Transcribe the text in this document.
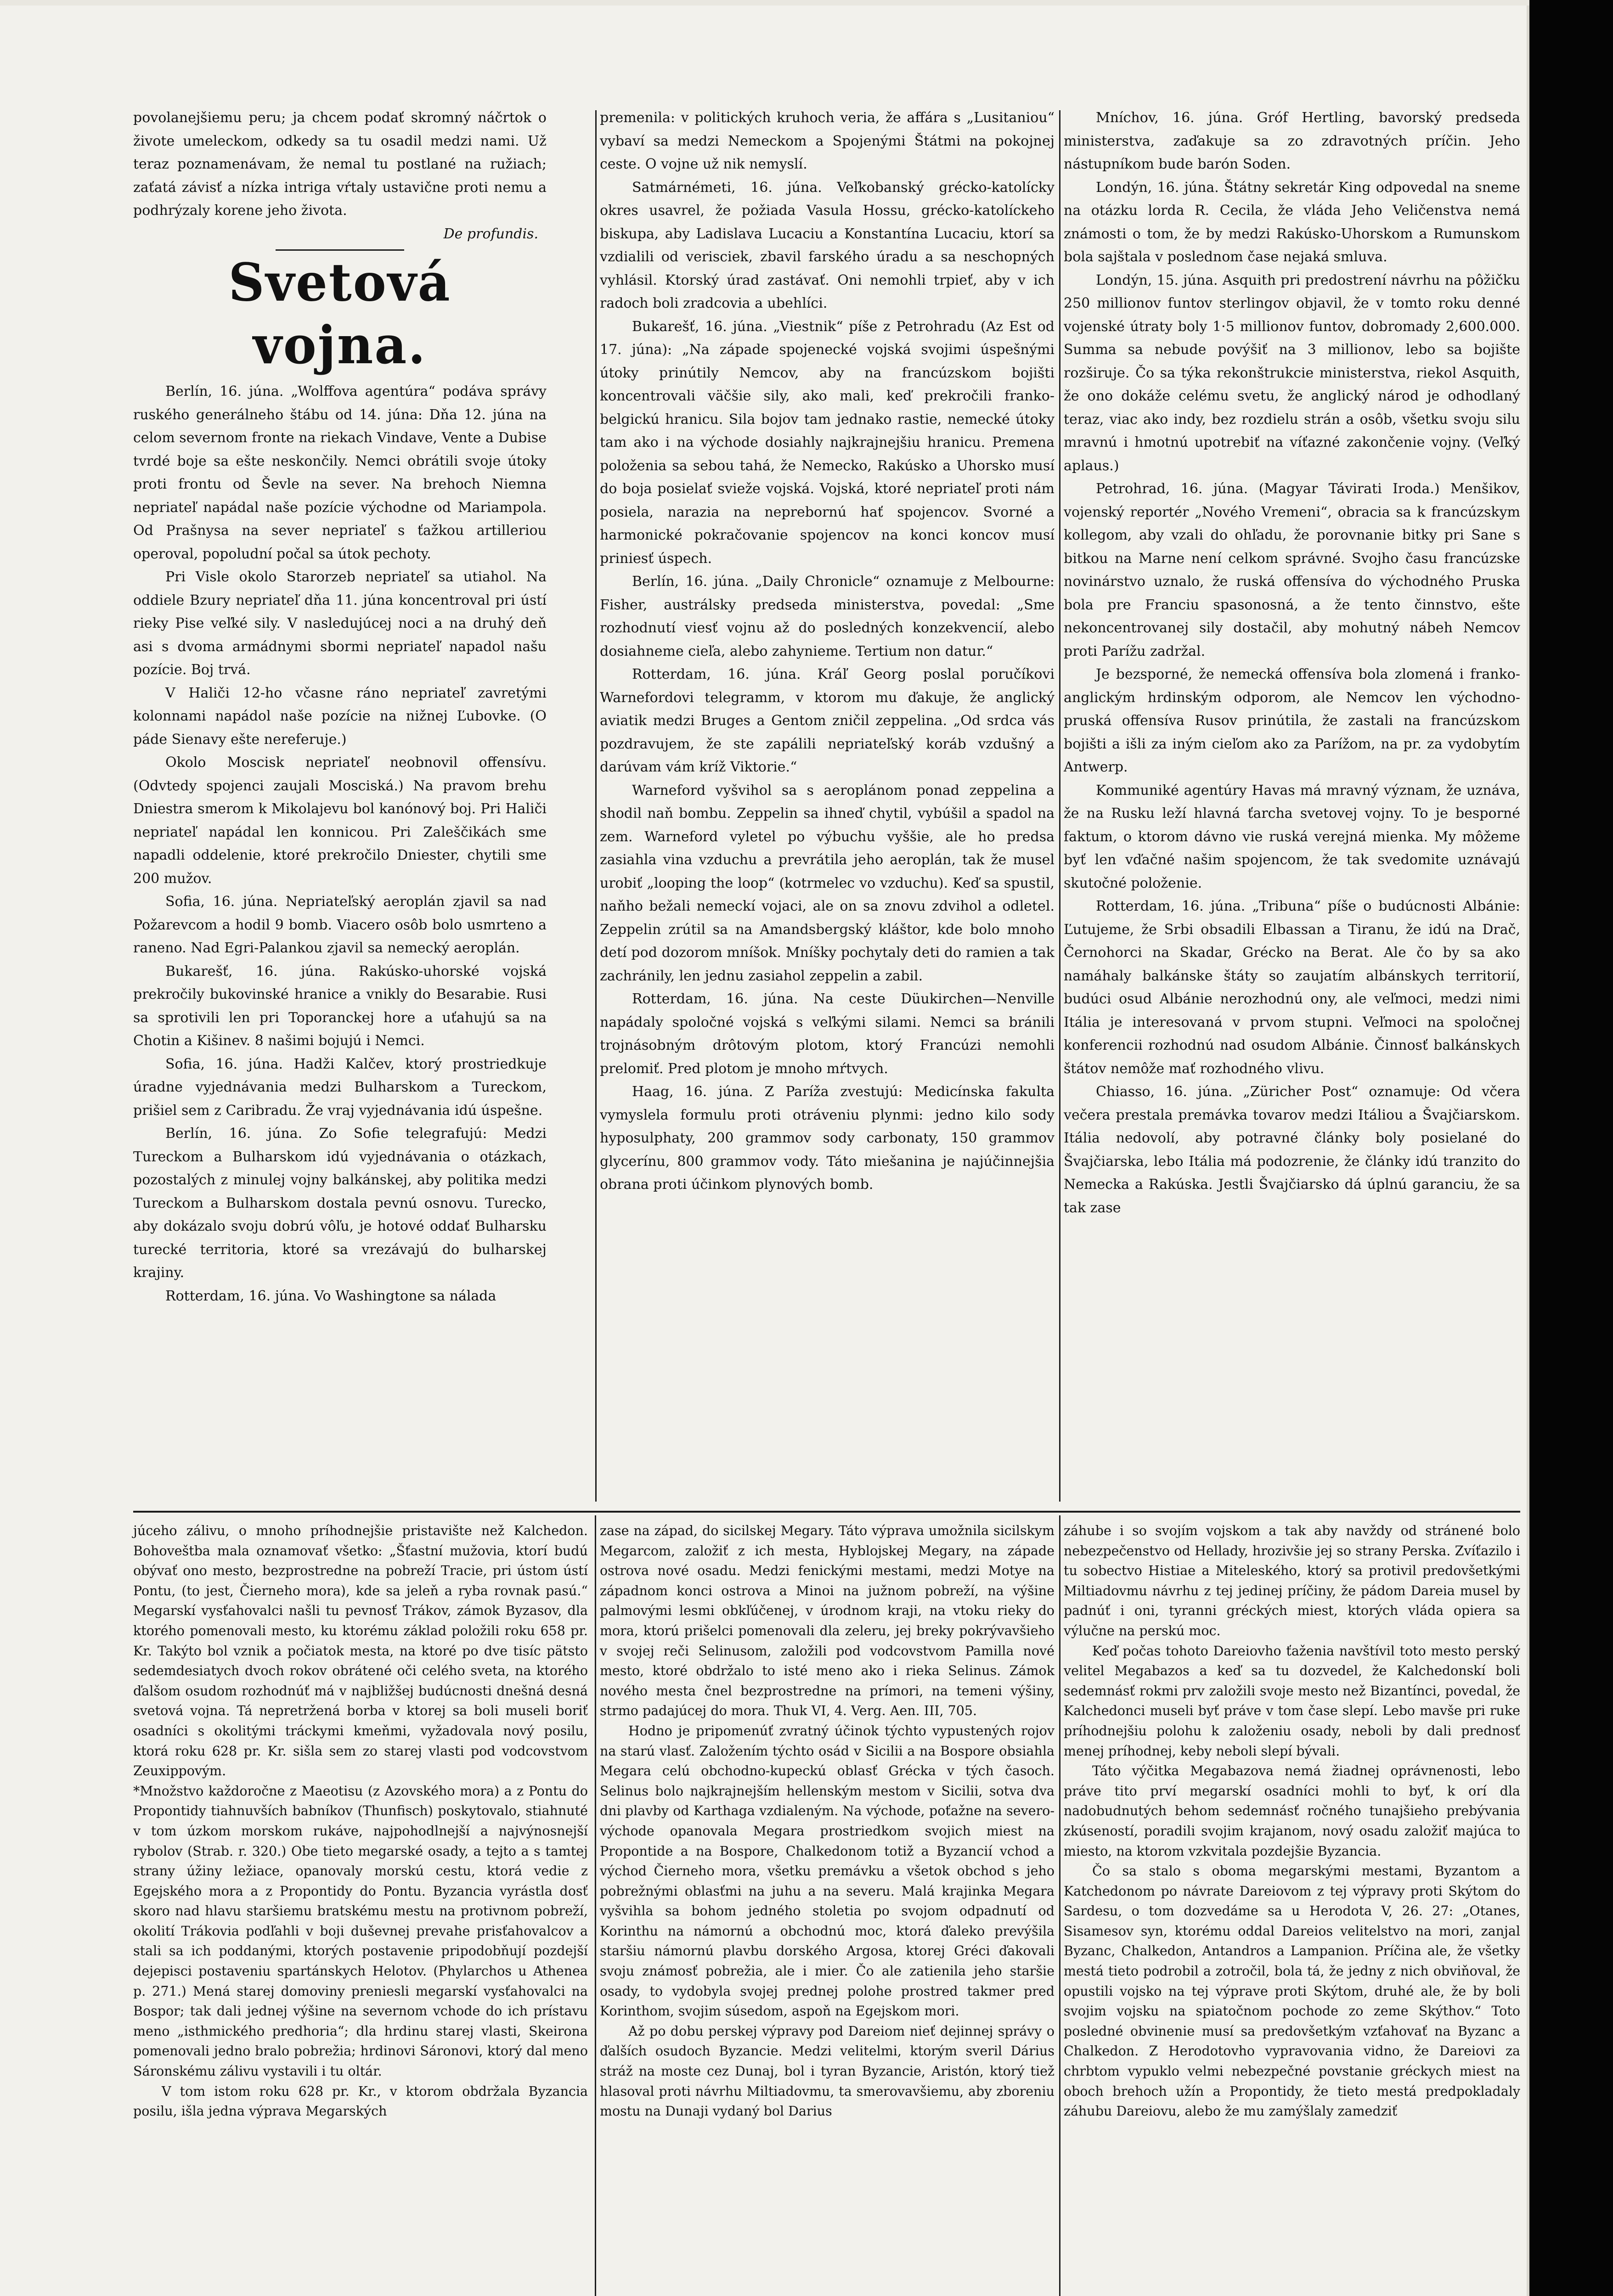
povolanejšiemu peru; ja chcem podať skromný náčrtok o živote umeleckom, odkedy sa tu osadil medzi nami. Už teraz poznamenávam, že nemal tu postlané na ružiach; zaťatá závisť a nízka intriga vŕtaly ustavične proti nemu a podhrýzaly korene jeho života.

De profundis.

Svetová vojna.

Berlín, 16. júna. „Wolffova agentúra“ podáva správy ruského generálneho štábu od 14. júna: Dňa 12. júna na celom severnom fronte na riekach Vindave, Vente a Dubise tvrdé boje sa ešte neskončily. Nemci obrátili svoje útoky proti frontu od Ševle na sever. Na brehoch Niemna nepriateľ napádal naše pozície východne od Mariampola. Od Prašnysa na sever nepriateľ s ťažkou artilleriou operoval, popoludní počal sa útok pechoty.

Pri Visle okolo Starorzeb nepriateľ sa utiahol. Na oddiele Bzury nepriateľ dňa 11. júna koncentroval pri ústí rieky Pise veľké sily. V nasledujúcej noci a na druhý deň asi s dvoma armádnymi sbormi nepriateľ napadol našu pozície. Boj trvá.

V Haliči 12-ho včasne ráno nepriateľ zavretými kolonnami napádol naše pozície na nižnej Ľubovke. (O páde Sienavy ešte nereferuje.)

Okolo Moscisk nepriateľ neobnovil offensívu. (Odvtedy spojenci zaujali Mosciská.) Na pravom brehu Dniestra smerom k Mikolajevu bol kanónový boj. Pri Haliči nepriateľ napádal len konnicou. Pri Zaleščikách sme napadli oddelenie, ktoré prekročilo Dniester, chytili sme 200 mužov.

Sofia, 16. júna. Nepriateľský aeroplán zjavil sa nad Požarevcom a hodil 9 bomb. Viacero osôb bolo usmrteno a raneno. Nad Egri-Palankou zjavil sa nemecký aeroplán.

Bukarešť, 16. júna. Rakúsko-uhorské vojská prekročily bukovinské hranice a vnikly do Besarabie. Rusi sa sprotivili len pri Toporanckej hore a uťahujú sa na Chotin a Kišinev. 8 našimi bojujú i Nemci.

Sofia, 16. júna. Hadži Kalčev, ktorý prostriedkuje úradne vyjednávania medzi Bulharskom a Tureckom, prišiel sem z Caribradu. Že vraj vyjednávania idú úspešne.

Berlín, 16. júna. Zo Sofie telegrafujú: Medzi Tureckom a Bulharskom idú vyjednávania o otázkach, pozostalých z minulej vojny balkánskej, aby politika medzi Tureckom a Bulharskom dostala pevnú osnovu. Turecko, aby dokázalo svoju dobrú vôľu, je hotové oddať Bulharsku turecké territoria, ktoré sa vrezávajú do bulharskej krajiny.

Rotterdam, 16. júna. Vo Washingtone sa nálada

premenila: v politických kruhoch veria, že affára s „Lusitaniou“ vybaví sa medzi Nemeckom a Spojenými Štátmi na pokojnej ceste. O vojne už nik nemyslí.

Satmárnémeti, 16. júna. Veľkobanský grécko-katolícky okres usavrel, že požiada Vasula Hossu, grécko-katolíckeho biskupa, aby Ladislava Lucaciu a Konstantína Lucaciu, ktorí sa vzdialili od verisciek, zbavil farského úradu a sa neschopných vyhlásil. Ktorský úrad zastávať. Oni nemohli trpieť, aby v ich radoch boli zradcovia a ubehlíci.

Bukarešť, 16. júna. „Viestnik“ píše z Petrohradu (Az Est od 17. júna): „Na západe spojenecké vojská svojimi úspešnými útoky prinútily Nemcov, aby na francúzskom bojišti koncentrovali väčšie sily, ako mali, keď prekročili franko-belgickú hranicu. Sila bojov tam jednako rastie, nemecké útoky tam ako i na východe dosiahly najkrajnejšiu hranicu. Premena položenia sa sebou tahá, že Nemecko, Rakúsko a Uhorsko musí do boja posielať svieže vojská. Vojská, ktoré nepriateľ proti nám posiela, narazia na neprebornú hať spojencov. Svorné a harmonické pokračovanie spojencov na konci koncov musí priniesť úspech.

Berlín, 16. júna. „Daily Chronicle“ oznamuje z Melbourne: Fisher, austrálsky predseda ministerstva, povedal: „Sme rozhodnutí viesť vojnu až do posledných konzekvencií, alebo dosiahneme cieľa, alebo zahynieme. Tertium non datur.“

Rotterdam, 16. júna. Kráľ Georg poslal poručíkovi Warnefordovi telegramm, v ktorom mu ďakuje, že anglický aviatik medzi Bruges a Gentom zničil zeppelina. „Od srdca vás pozdravujem, že ste zapálili nepriateľský koráb vzdušný a darúvam vám kríž Viktorie.“

Warneford vyšvihol sa s aeroplánom ponad zeppelina a shodil naň bombu. Zeppelin sa ihneď chytil, vybúšil a spadol na zem. Warneford vyletel po výbuchu vyššie, ale ho predsa zasiahla vina vzduchu a prevrátila jeho aeroplán, tak že musel urobiť „looping the loop“ (kotrmelec vo vzduchu). Keď sa spustil, naňho bežali nemeckí vojaci, ale on sa znovu zdvihol a odletel. Zeppelin zrútil sa na Amandsbergský kláštor, kde bolo mnoho detí pod dozorom mníšok. Mníšky pochytaly deti do ramien a tak zachránily, len jednu zasiahol zeppelin a zabil.

Rotterdam, 16. júna. Na ceste Düukirchen—Nenville napádaly spoločné vojská s veľkými silami. Nemci sa bránili trojnásobným drôtovým plotom, ktorý Francúzi nemohli prelomiť. Pred plotom je mnoho mŕtvych.

Haag, 16. júna. Z Paríža zvestujú: Medicínska fakulta vymyslela formulu proti otráveniu plynmi: jedno kilo sody hyposulphaty, 200 grammov sody carbonaty, 150 grammov glycerínu, 800 grammov vody. Táto miešanina je najúčinnejšia obrana proti účinkom plynových bomb.

Mníchov, 16. júna. Gróf Hertling, bavorský predseda ministerstva, zaďakuje sa zo zdravotných príčin. Jeho nástupníkom bude barón Soden.

Londýn, 16. júna. Štátny sekretár King odpovedal na sneme na otázku lorda R. Cecila, že vláda Jeho Veličenstva nemá známosti o tom, že by medzi Rakúsko-Uhorskom a Rumunskom bola sajštala v poslednom čase nejaká smluva.

Londýn, 15. júna. Asquith pri predostrení návrhu na pôžičku 250 millionov funtov sterlingov objavil, že v tomto roku denné vojenské útraty boly 1·5 millionov funtov, dobromady 2,600.000. Summa sa nebude povýšiť na 3 millionov, lebo sa bojište rozširuje. Čo sa týka rekonštrukcie ministerstva, riekol Asquith, že ono dokáže celému svetu, že anglický národ je odhodlaný teraz, viac ako indy, bez rozdielu strán a osôb, všetku svoju silu mravnú i hmotnú upotrebiť na víťazné zakončenie vojny. (Veľký aplaus.)

Petrohrad, 16. júna. (Magyar Távirati Iroda.) Menšikov, vojenský reportér „Nového Vremeni“, obracia sa k francúzskym kollegom, aby vzali do ohľadu, že porovnanie bitky pri Sane s bitkou na Marne není celkom správné. Svojho času francúzske novinárstvo uznalo, že ruská offensíva do východného Pruska bola pre Franciu spasonosná, a že tento činnstvo, ešte nekoncentrovanej sily dostačil, aby mohutný nábeh Nemcov proti Parížu zadržal.

Je bezsporné, že nemecká offensíva bola zlomená i franko-anglickým hrdinským odporom, ale Nemcov len východno-pruská offensíva Rusov prinútila, že zastali na francúzskom bojišti a išli za iným cieľom ako za Parížom, na pr. za vydobytím Antwerp.

Kommuniké agentúry Havas má mravný význam, že uznáva, že na Rusku leží hlavná ťarcha svetovej vojny. To je besporné faktum, o ktorom dávno vie ruská verejná mienka. My môžeme byť len vďačné našim spojencom, že tak svedomite uznávajú skutočné položenie.

Rotterdam, 16. júna. „Tribuna“ píše o budúcnosti Albánie: Ľutujeme, že Srbi obsadili Elbassan a Tiranu, že idú na Drač, Černohorci na Skadar, Grécko na Berat. Ale čo by sa ako namáhaly balkánske štáty so zaujatím albánskych territorií, budúci osud Albánie nerozhodnú ony, ale veľmoci, medzi nimi Itália je interesovaná v prvom stupni. Veľmoci na spoločnej konferencii rozhodnú nad osudom Albánie. Činnosť balkánskych štátov nemôže mať rozhodného vlivu.

Chiasso, 16. júna. „Züricher Post“ oznamuje: Od včera večera prestala premávka tovarov medzi Itáliou a Švajčiarskom. Itália nedovolí, aby potravné články boly posielané do Švajčiarska, lebo Itália má podozrenie, že články idú tranzito do Nemecka a Rakúska. Jestli Švajčiarsko dá úplnú garanciu, že sa tak zase

júceho zálivu, o mnoho príhodnejšie pristavište než Kalchedon. Bohoveštba mala oznamovať všetko: „Šťastní mužovia, ktorí budú obývať ono mesto, bezprostredne na pobreží Tracie, pri ústom ústí Pontu, (to jest, Čierneho mora), kde sa jeleň a ryba rovnak pasú.“ Megarskí vysťahovalci našli tu pevnosť Trákov, zámok Byzasov, dla ktorého pomenovali mesto, ku ktorému základ položili roku 658 pr. Kr. Takýto bol vznik a počiatok mesta, na ktoré po dve tisíc pätsto sedemdesiatych dvoch rokov obrátené oči celého sveta, na ktorého ďalšom osudom rozhodnúť má v najbližšej budúcnosti dnešná desná svetová vojna. Tá nepretržená borba v ktorej sa boli museli boriť osadníci s okolitými tráckymi kmeňmi, vyžadovala nový posilu, ktorá roku 628 pr. Kr. sišla sem zo starej vlasti pod vodcovstvom Zeuxippovým.

*Množstvo každoročne z Maeotisu (z Azovského mora) a z Pontu do Propontidy tiahnuvších babníkov (Thunfisch) poskytovalo, stiahnuté v tom úzkom morskom rukáve, najpohodlnejší a najvýnosnejší rybolov (Strab. r. 320.) Obe tieto megarské osady, a tejto a s tamtej strany úžiny ležiace, opanovaly morskú cestu, ktorá vedie z Egejského mora a z Propontidy do Pontu. Byzancia vyrástla dosť skoro nad hlavu staršiemu bratskému mestu na protivnom pobreží, okolití Trákovia podľahli v boji duševnej prevahe prisťahovalcov a stali sa ich poddanými, ktorých postavenie pripodobňují pozdejší dejepisci postaveniu spartánskych Helotov. (Phylarchos u Athenea p. 271.) Mená starej domoviny preniesli megarskí vysťahovalci na Bospor; tak dali jednej výšine na severnom vchode do ich prístavu meno „isthmického predhoria“; dla hrdinu starej vlasti, Skeirona pomenovali jedno bralo pobrežia; hrdinovi Sáronovi, ktorý dal meno Sáronskému zálivu vystavili i tu oltár.

V tom istom roku 628 pr. Kr., v ktorom obdržala Byzancia posilu, išla jedna výprava Megarských

zase na západ, do sicilskej Megary. Táto výprava umožnila sicilskym Megarcom, založiť z ich mesta, Hyblojskej Megary, na západe ostrova nové osadu. Medzi fenickými mestami, medzi Motye na západnom konci ostrova a Minoi na južnom pobreží, na výšine palmovými lesmi obkľúčenej, v úrodnom kraji, na vtoku rieky do mora, ktorú prišelci pomenovali dla zeleru, jej breky pokrývavšieho v svojej reči Selinusom, založili pod vodcovstvom Pamilla nové mesto, ktoré obdržalo to isté meno ako i rieka Selinus. Zámok nového mesta čnel bezprostredne na prímori, na temeni výšiny, strmo padajúcej do mora. Thuk VI, 4. Verg. Aen. III, 705.

Hodno je pripomenúť zvratný účinok týchto vypustených rojov na starú vlasť. Založením týchto osád v Sicilii a na Bospore obsiahla Megara celú obchodno-kupeckú oblasť Grécka v tých časoch. Selinus bolo najkrajnejším hellenským mestom v Sicilii, sotva dva dni plavby od Karthaga vzdialeným. Na východe, poťažne na severo-východe opanovala Megara prostriedkom svojich miest na Propontide a na Bospore, Chalkedonom totiž a Byzancií vchod a východ Čierneho mora, všetku premávku a všetok obchod s jeho pobrežnými oblasťmi na juhu a na severu. Malá krajinka Megara vyšvihla sa bohom jedného stoletia po svojom odpadnutí od Korinthu na námornú a obchodnú moc, ktorá ďaleko prevýšila staršiu námornú plavbu dorského Argosa, ktorej Gréci ďakovali svoju známosť pobrežia, ale i mier. Čo ale zatienila jeho staršie osady, to vydobyla svojej prednej polohe prostred takmer pred Korinthom, svojim súsedom, aspoň na Egejskom mori.

Až po dobu perskej výpravy pod Dareiom nieť dejinnej správy o ďalších osudoch Byzancie. Medzi velitelmi, ktorým sveril Dárius stráž na moste cez Dunaj, bol i tyran Byzancie, Aristón, ktorý tiež hlasoval proti návrhu Miltiadovmu, ta smerovavšiemu, aby zboreniu mostu na Dunaji vydaný bol Darius

záhube i so svojím vojskom a tak aby navždy od stránené bolo nebezpečenstvo od Hellady, hrozivšie jej so strany Perska. Zvíťazilo i tu sobectvo Histiae a Miteleského, ktorý sa protivil predovšetkými Miltiadovmu návrhu z tej jedinej príčiny, že pádom Dareia musel by padnúť i oni, tyranni gréckých miest, ktorých vláda opiera sa výlučne na perskú moc.

Keď počas tohoto Dareiovho ťaženia navštívil toto mesto perský velitel Megabazos a keď sa tu dozvedel, že Kalchedonskí boli sedemnásť rokmi prv založili svoje mesto než Bizantínci, povedal, že Kalchedonci museli byť práve v tom čase slepí. Lebo mavše pri ruke príhodnejšiu polohu k založeniu osady, neboli by dali prednosť menej príhodnej, keby neboli slepí bývali.

Táto výčitka Megabazova nemá žiadnej oprávnenosti, lebo práve tito prví megarskí osadníci mohli to byť, k orí dla nadobudnutých behom sedemnásť ročného tunajšieho prebývania zkúseností, poradili svojim krajanom, nový osadu založiť majúca to miesto, na ktorom vzkvitala pozdejšie Byzancia.

Čo sa stalo s oboma megarskými mestami, Byzantom a Katchedonom po návrate Dareiovom z tej výpravy proti Skýtom do Sardesu, o tom dozvedáme sa u Herodota V, 26. 27: „Otanes, Sisamesov syn, ktorému oddal Dareios velitelstvo na mori, zanjal Byzanc, Chalkedon, Antandros a Lampanion. Príčina ale, že všetky mestá tieto podrobil a zotročil, bola tá, že jedny z nich obviňoval, že opustili vojsko na tej výprave proti Skýtom, druhé ale, že by boli svojim vojsku na spiatočnom pochode zo zeme Skýthov.“ Toto posledné obvinenie musí sa predovšetkým vzťahovať na Byzanc a Chalkedon. Z Herodotovho vypravovania vidno, že Dareiovi za chrbtom vypuklo velmi nebezpečné povstanie gréckych miest na oboch brehoch užín a Propontidy, že tieto mestá predpokladaly záhubu Dareiovu, alebo že mu zamýšlaly zamedziť
